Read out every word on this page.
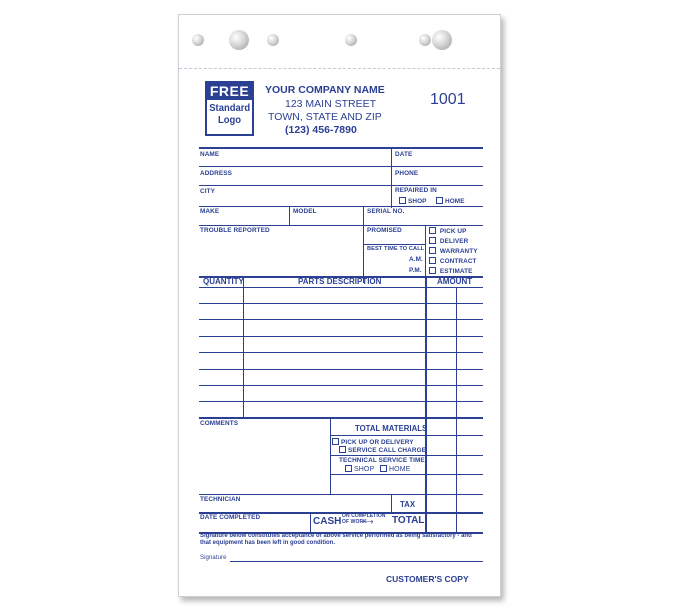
FREE
Standard
Logo
YOUR COMPANY NAME
123 MAIN STREET
TOWN, STATE AND ZIP
(123) 456-7890
1001
NAME	DATE
ADDRESS	PHONE
CITY	REPAIRED IN
SHOP	HOME
MAKE	MODEL	SERIAL NO.
TROUBLE REPORTED	PROMISED
BEST TIME TO CALL
A.M.
P.M.
PICK UP
DELIVER
WARRANTY
CONTRACT
ESTIMATE
QUANTITY	PARTS DESCRIPTION	AMOUNT
COMMENTS
TOTAL MATERIALS
PICK UP OR DELIVERY
SERVICE CALL CHARGE
TECHNICAL SERVICE TIME
SHOP	HOME
TECHNICIAN
TAX
DATE COMPLETED	CASH ON COMPLETION
OF WORK
⟶ TOTAL
Signature below constitutes acceptance of above service performed as being satisfactory - and that equipment has been left in good condition.
Signature
CUSTOMER'S COPY
